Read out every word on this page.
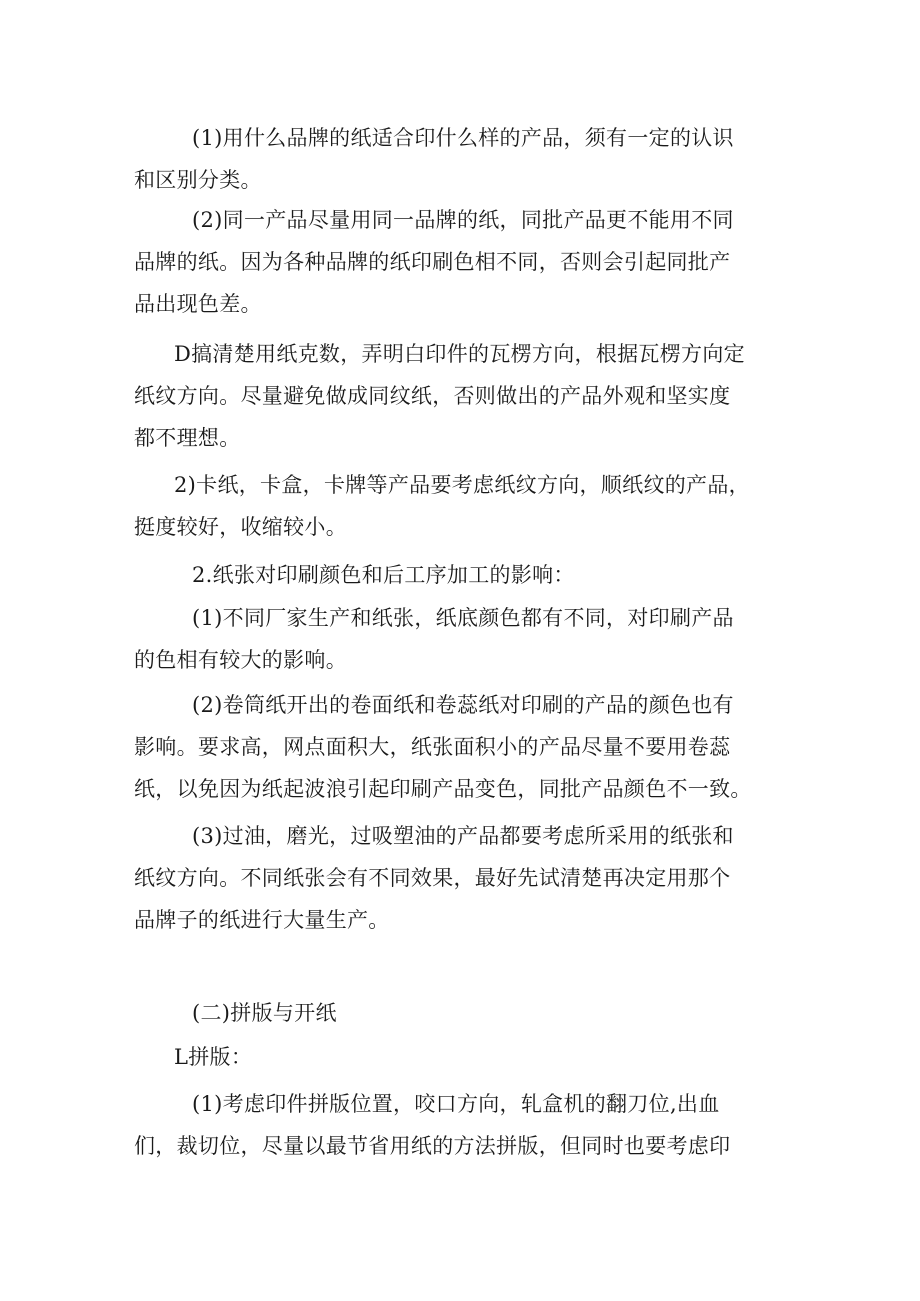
(1)用什么品牌的纸适合印什么样的产品，须有一定的认识
和区别分类。
(2)同一产品尽量用同一品牌的纸，同批产品更不能用不同
品牌的纸。因为各种品牌的纸印刷色相不同，否则会引起同批产
品出现色差。
D搞清楚用纸克数，弄明白印件的瓦楞方向，根据瓦楞方向定
纸纹方向。尽量避免做成同纹纸，否则做出的产品外观和坚实度
都不理想。
2)卡纸，卡盒，卡牌等产品要考虑纸纹方向，顺纸纹的产品，
挺度较好，收缩较小。
2.纸张对印刷颜色和后工序加工的影响：
(1)不同厂家生产和纸张，纸底颜色都有不同，对印刷产品
的色相有较大的影响。
(2)卷筒纸开出的卷面纸和卷蕊纸对印刷的产品的颜色也有
影响。要求高，网点面积大，纸张面积小的产品尽量不要用卷蕊
纸，以免因为纸起波浪引起印刷产品变色，同批产品颜色不一致。
(3)过油，磨光，过吸塑油的产品都要考虑所采用的纸张和
纸纹方向。不同纸张会有不同效果，最好先试清楚再决定用那个
品牌子的纸进行大量生产。
(二)拼版与开纸
L拼版：
(1)考虑印件拼版位置，咬口方向，轧盒机的翻刀位,出血
们，裁切位，尽量以最节省用纸的方法拼版，但同时也要考虑印
